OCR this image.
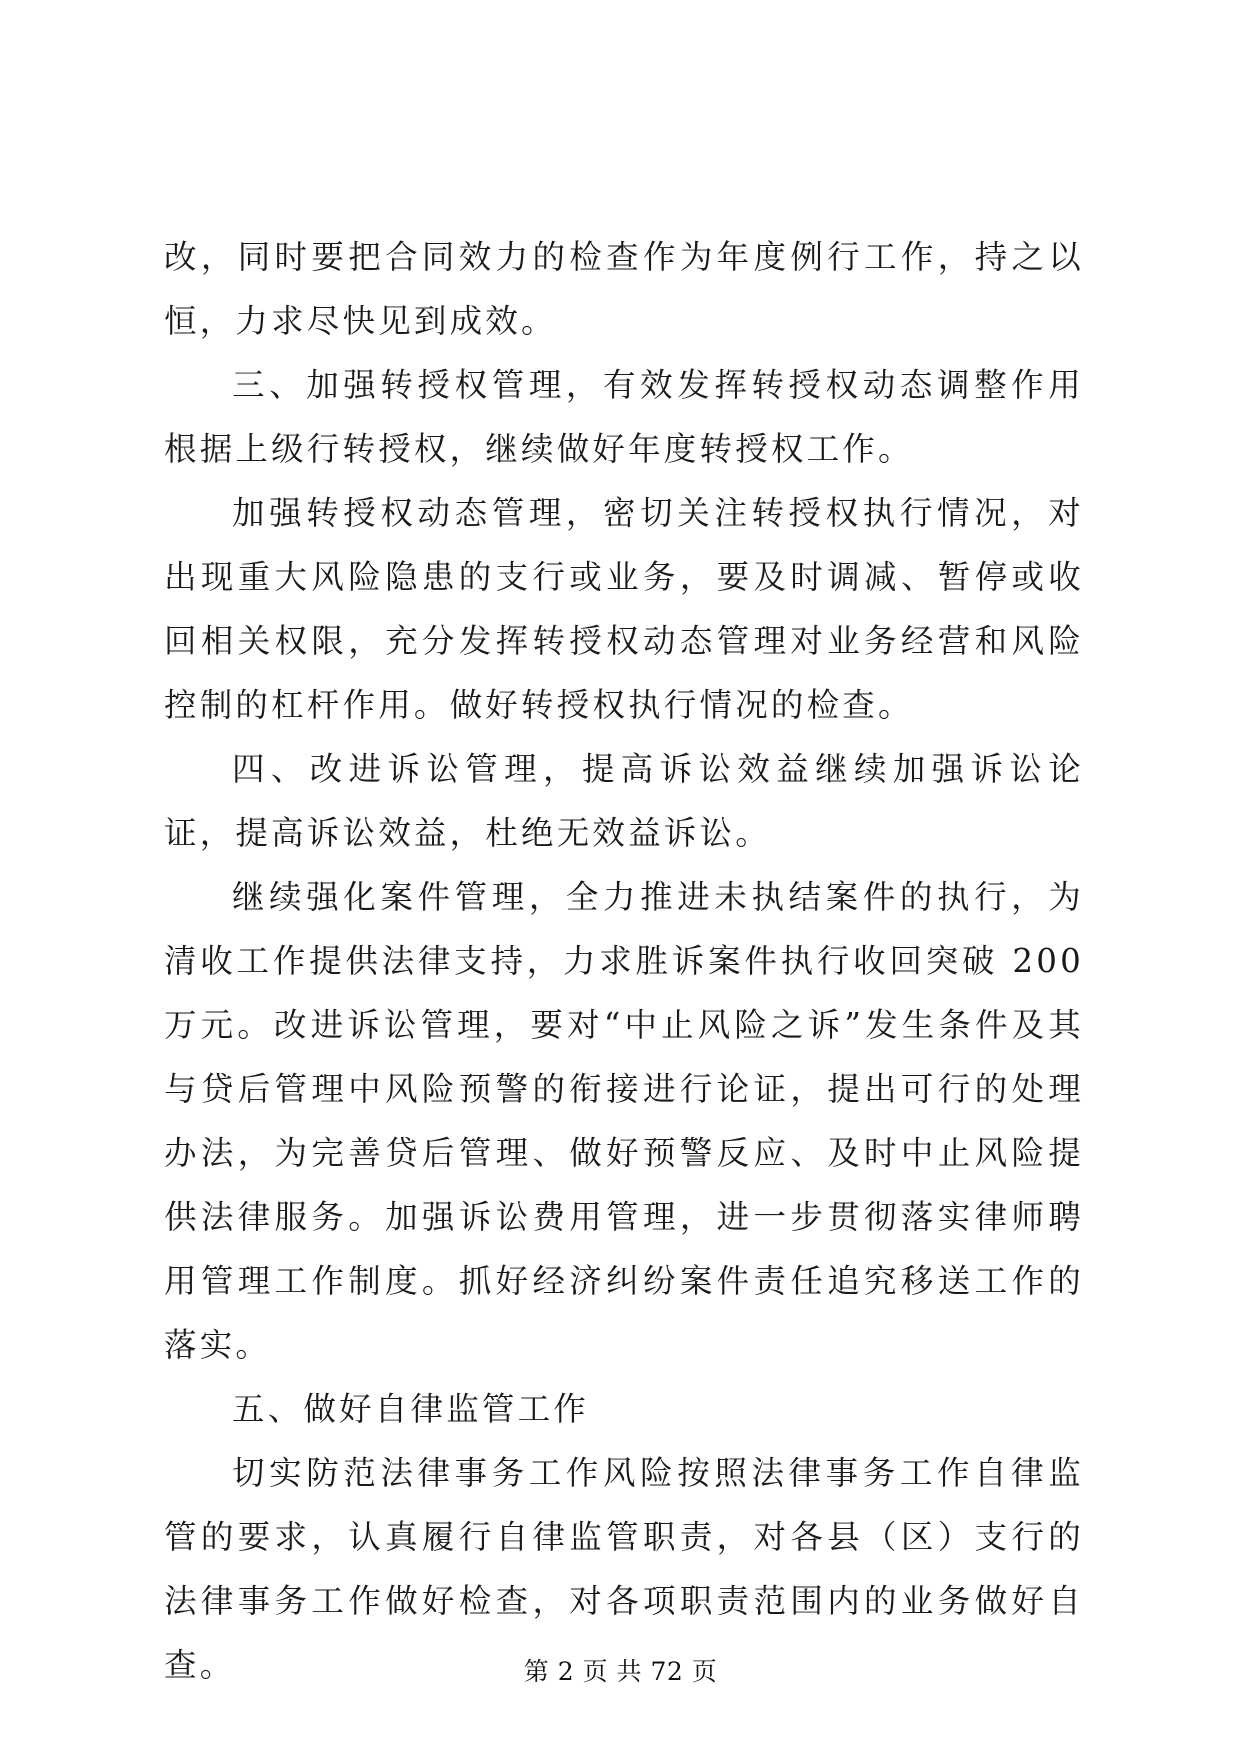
改，同时要把合同效力的检查作为年度例行工作，持之以恒，力求尽快见到成效。

三、加强转授权管理，有效发挥转授权动态调整作用根据上级行转授权，继续做好年度转授权工作。

加强转授权动态管理，密切关注转授权执行情况，对出现重大风险隐患的支行或业务，要及时调减、暂停或收回相关权限，充分发挥转授权动态管理对业务经营和风险控制的杠杆作用。做好转授权执行情况的检查。

四、改进诉讼管理，提高诉讼效益继续加强诉讼论证，提高诉讼效益，杜绝无效益诉讼。

继续强化案件管理，全力推进未执结案件的执行，为清收工作提供法律支持，力求胜诉案件执行收回突破 200 万元。改进诉讼管理，要对“中止风险之诉”发生条件及其与贷后管理中风险预警的衔接进行论证，提出可行的处理办法，为完善贷后管理、做好预警反应、及时中止风险提供法律服务。加强诉讼费用管理，进一步贯彻落实律师聘用管理工作制度。抓好经济纠纷案件责任追究移送工作的落实。

五、做好自律监管工作

切实防范法律事务工作风险按照法律事务工作自律监管的要求，认真履行自律监管职责，对各县（区）支行的法律事务工作做好检查，对各项职责范围内的业务做好自查。	第 2 页 共 72 页
